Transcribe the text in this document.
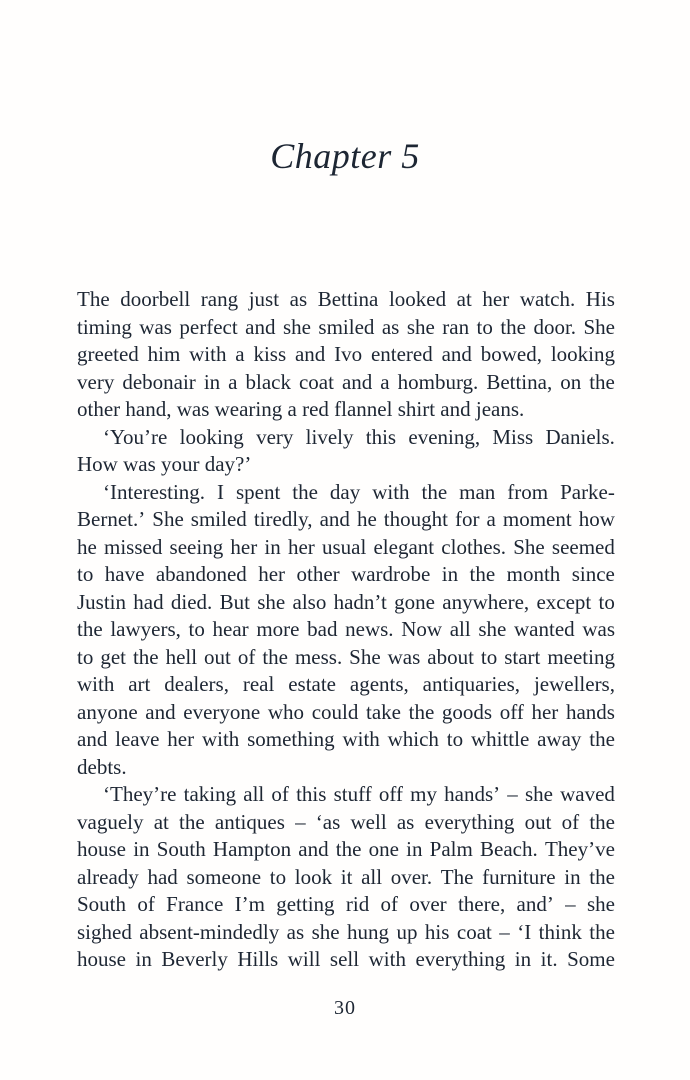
Chapter 5

The doorbell rang just as Bettina looked at her watch. His
timing was perfect and she smiled as she ran to the door. She
greeted him with a kiss and Ivo entered and bowed, looking
very debonair in a black coat and a homburg. Bettina, on the
other hand, was wearing a red flannel shirt and jeans.

‘You’re looking very lively this evening, Miss Daniels.
How was your day?’

‘Interesting. I spent the day with the man from Parke-
Bernet.’ She smiled tiredly, and he thought for a moment how
he missed seeing her in her usual elegant clothes. She seemed
to have abandoned her other wardrobe in the month since
Justin had died. But she also hadn’t gone anywhere, except to
the lawyers, to hear more bad news. Now all she wanted was
to get the hell out of the mess. She was about to start meeting
with art dealers, real estate agents, antiquaries, jewellers,
anyone and everyone who could take the goods off her hands
and leave her with something with which to whittle away the
debts.

‘They’re taking all of this stuff off my hands’ – she waved
vaguely at the antiques – ‘as well as everything out of the
house in South Hampton and the one in Palm Beach. They’ve
already had someone to look it all over. The furniture in the
South of France I’m getting rid of over there, and’ – she
sighed absent-mindedly as she hung up his coat – ‘I think the
house in Beverly Hills will sell with everything in it. Some

30
